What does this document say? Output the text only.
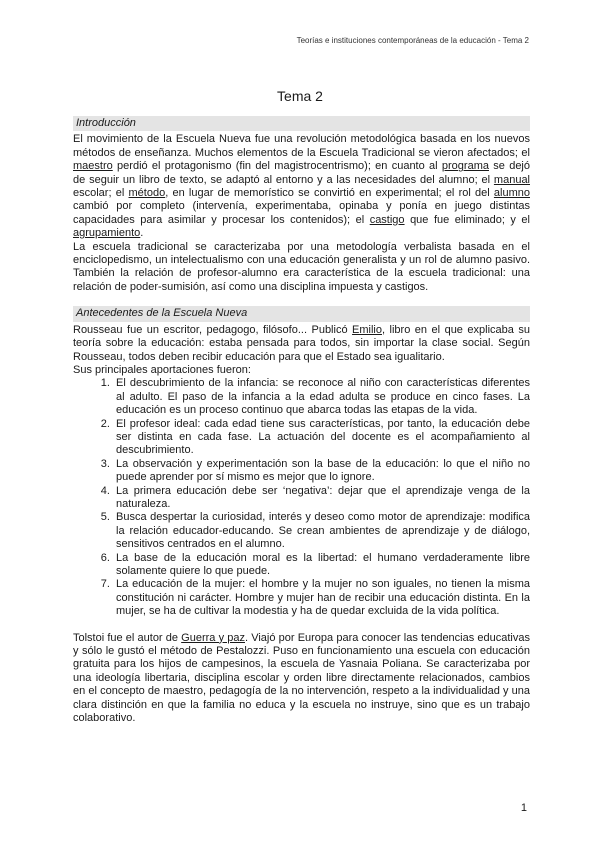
Teorías e instituciones contemporáneas de la educación - Tema 2
Tema 2
Introducción

El movimiento de la Escuela Nueva fue una revolución metodológica basada en los nuevos métodos de enseñanza. Muchos elementos de la Escuela Tradicional se vieron afectados; el maestro perdió el protagonismo (fin del magistrocentrismo); en cuanto al programa se dejó de seguir un libro de texto, se adaptó al entorno y a las necesidades del alumno; el manual escolar; el método, en lugar de memorístico se convirtió en experimental; el rol del alumno cambió por completo (intervenía, experimentaba, opinaba y ponía en juego distintas capacidades para asimilar y procesar los contenidos); el castigo que fue eliminado; y el agrupamiento.

La escuela tradicional se caracterizaba por una metodología verbalista basada en el enciclopedismo, un intelectualismo con una educación generalista y un rol de alumno pasivo. También la relación de profesor-alumno era característica de la escuela tradicional: una relación de poder-sumisión, así como una disciplina impuesta y castigos.

Antecedentes de la Escuela Nueva

Rousseau fue un escritor, pedagogo, filósofo... Publicó Emilio, libro en el que explicaba su teoría sobre la educación: estaba pensada para todos, sin importar la clase social. Según Rousseau, todos deben recibir educación para que el Estado sea igualitario.

Sus principales aportaciones fueron:

1. El descubrimiento de la infancia: se reconoce al niño con características diferentes al adulto. El paso de la infancia a la edad adulta se produce en cinco fases. La educación es un proceso continuo que abarca todas las etapas de la vida.
2. El profesor ideal: cada edad tiene sus características, por tanto, la educación debe ser distinta en cada fase. La actuación del docente es el acompañamiento al descubrimiento.
3. La observación y experimentación son la base de la educación: lo que el niño no puede aprender por sí mismo es mejor que lo ignore.
4. La primera educación debe ser ‘negativa’: dejar que el aprendizaje venga de la naturaleza.
5. Busca despertar la curiosidad, interés y deseo como motor de aprendizaje: modifica la relación educador-educando. Se crean ambientes de aprendizaje y de diálogo, sensitivos centrados en el alumno.
6. La base de la educación moral es la libertad: el humano verdaderamente libre solamente quiere lo que puede.
7. La educación de la mujer: el hombre y la mujer no son iguales, no tienen la misma constitución ni carácter. Hombre y mujer han de recibir una educación distinta. En la mujer, se ha de cultivar la modestia y ha de quedar excluida de la vida política.

Tolstoi fue el autor de Guerra y paz. Viajó por Europa para conocer las tendencias educativas y sólo le gustó el método de Pestalozzi. Puso en funcionamiento una escuela con educación gratuita para los hijos de campesinos, la escuela de Yasnaia Poliana. Se caracterizaba por una ideología libertaria, disciplina escolar y orden libre directamente relacionados, cambios en el concepto de maestro, pedagogía de la no intervención, respeto a la individualidad y una clara distinción en que la familia no educa y la escuela no instruye, sino que es un trabajo colaborativo.

1
